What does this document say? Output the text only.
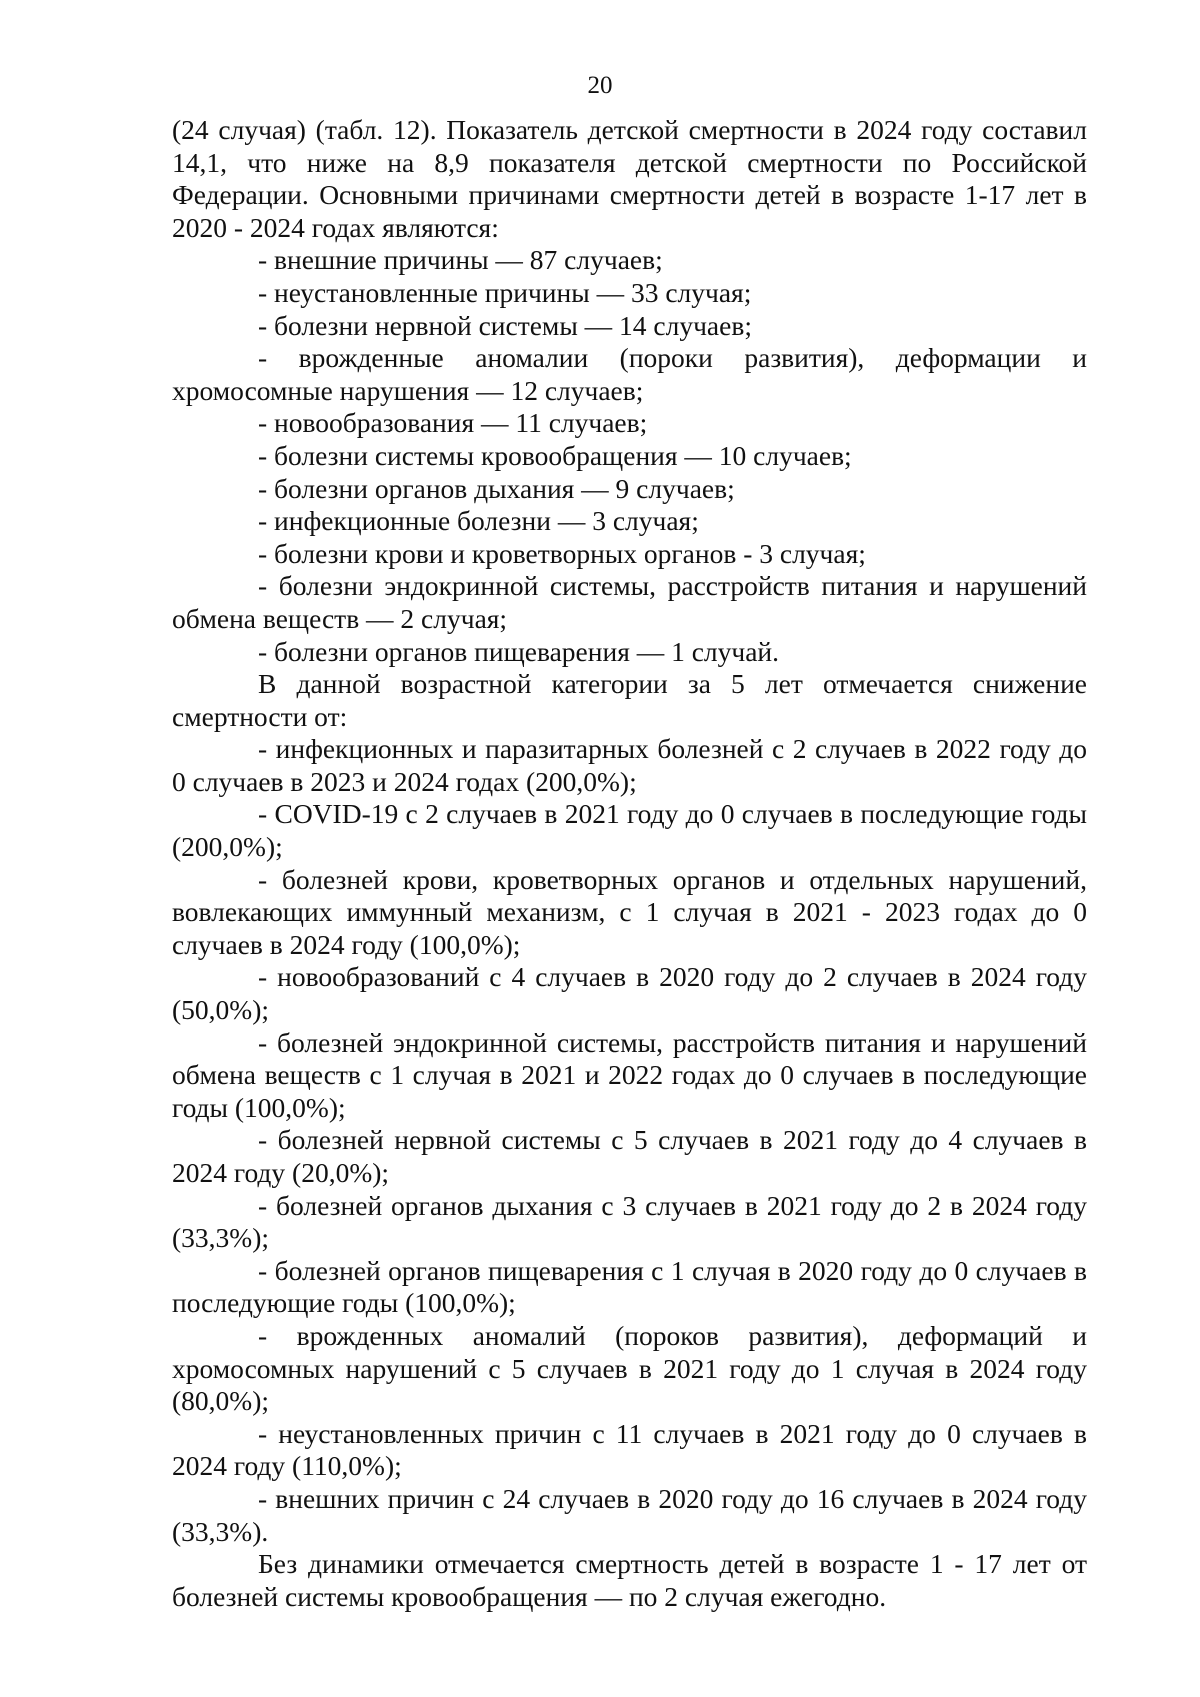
20

(24 случая) (табл. 12). Показатель детской смертности в 2024 году составил 14,1, что ниже на 8,9 показателя детской смертности по Российской Федерации. Основными причинами смертности детей в возрасте 1-17 лет в 2020 - 2024 годах являются:

- внешние причины — 87 случаев;

- неустановленные причины — 33 случая;

- болезни нервной системы — 14 случаев;

- врожденные аномалии (пороки развития), деформации и хромосомные нарушения — 12 случаев;

- новообразования — 11 случаев;

- болезни системы кровообращения — 10 случаев;

- болезни органов дыхания — 9 случаев;

- инфекционные болезни — 3 случая;

- болезни крови и кроветворных органов - 3 случая;

- болезни эндокринной системы, расстройств питания и нарушений обмена веществ — 2 случая;

- болезни органов пищеварения — 1 случай.

В данной возрастной категории за 5 лет отмечается снижение смертности от:

- инфекционных и паразитарных болезней с 2 случаев в 2022 году до 0 случаев в 2023 и 2024 годах (200,0%);

- COVID-19 с 2 случаев в 2021 году до 0 случаев в последующие годы (200,0%);

- болезней крови, кроветворных органов и отдельных нарушений, вовлекающих иммунный механизм, с 1 случая в 2021 - 2023 годах до 0 случаев в 2024 году (100,0%);

- новообразований с 4 случаев в 2020 году до 2 случаев в 2024 году (50,0%);

- болезней эндокринной системы, расстройств питания и нарушений обмена веществ с 1 случая в 2021 и 2022 годах до 0 случаев в последующие годы (100,0%);

- болезней нервной системы с 5 случаев в 2021 году до 4 случаев в 2024 году (20,0%);

- болезней органов дыхания с 3 случаев в 2021 году до 2 в 2024 году (33,3%);

- болезней органов пищеварения с 1 случая в 2020 году до 0 случаев в последующие годы (100,0%);

- врожденных аномалий (пороков развития), деформаций и хромосомных нарушений с 5 случаев в 2021 году до 1 случая в 2024 году (80,0%);

- неустановленных причин с 11 случаев в 2021 году до 0 случаев в 2024 году (110,0%);

- внешних причин с 24 случаев в 2020 году до 16 случаев в 2024 году (33,3%).

Без динамики отмечается смертность детей в возрасте 1 - 17 лет от болезней системы кровообращения — по 2 случая ежегодно.
